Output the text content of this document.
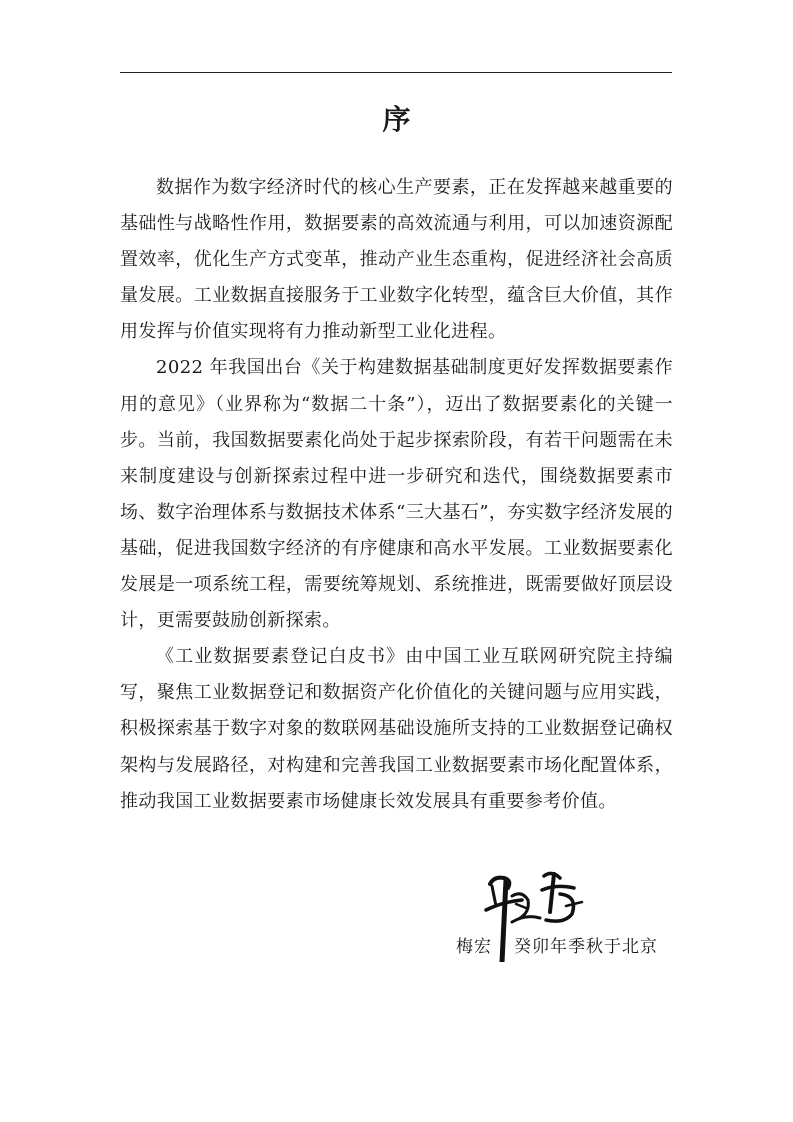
序

数据作为数字经济时代的核心生产要素，正在发挥越来越重要的基础性与战略性作用，数据要素的高效流通与利用，可以加速资源配置效率，优化生产方式变革，推动产业生态重构，促进经济社会高质量发展。工业数据直接服务于工业数字化转型，蕴含巨大价值，其作用发挥与价值实现将有力推动新型工业化进程。

2022 年我国出台《关于构建数据基础制度更好发挥数据要素作用的意见》（业界称为“数据二十条”），迈出了数据要素化的关键一步。当前，我国数据要素化尚处于起步探索阶段，有若干问题需在未来制度建设与创新探索过程中进一步研究和迭代，围绕数据要素市场、数字治理体系与数据技术体系“三大基石”，夯实数字经济发展的基础，促进我国数字经济的有序健康和高水平发展。工业数据要素化发展是一项系统工程，需要统筹规划、系统推进，既需要做好顶层设计，更需要鼓励创新探索。

《工业数据要素登记白皮书》由中国工业互联网研究院主持编写，聚焦工业数据登记和数据资产化价值化的关键问题与应用实践，积极探索基于数字对象的数联网基础设施所支持的工业数据登记确权架构与发展路径，对构建和完善我国工业数据要素市场化配置体系，推动我国工业数据要素市场健康长效发展具有重要参考价值。

梅宏 癸卯年季秋于北京
